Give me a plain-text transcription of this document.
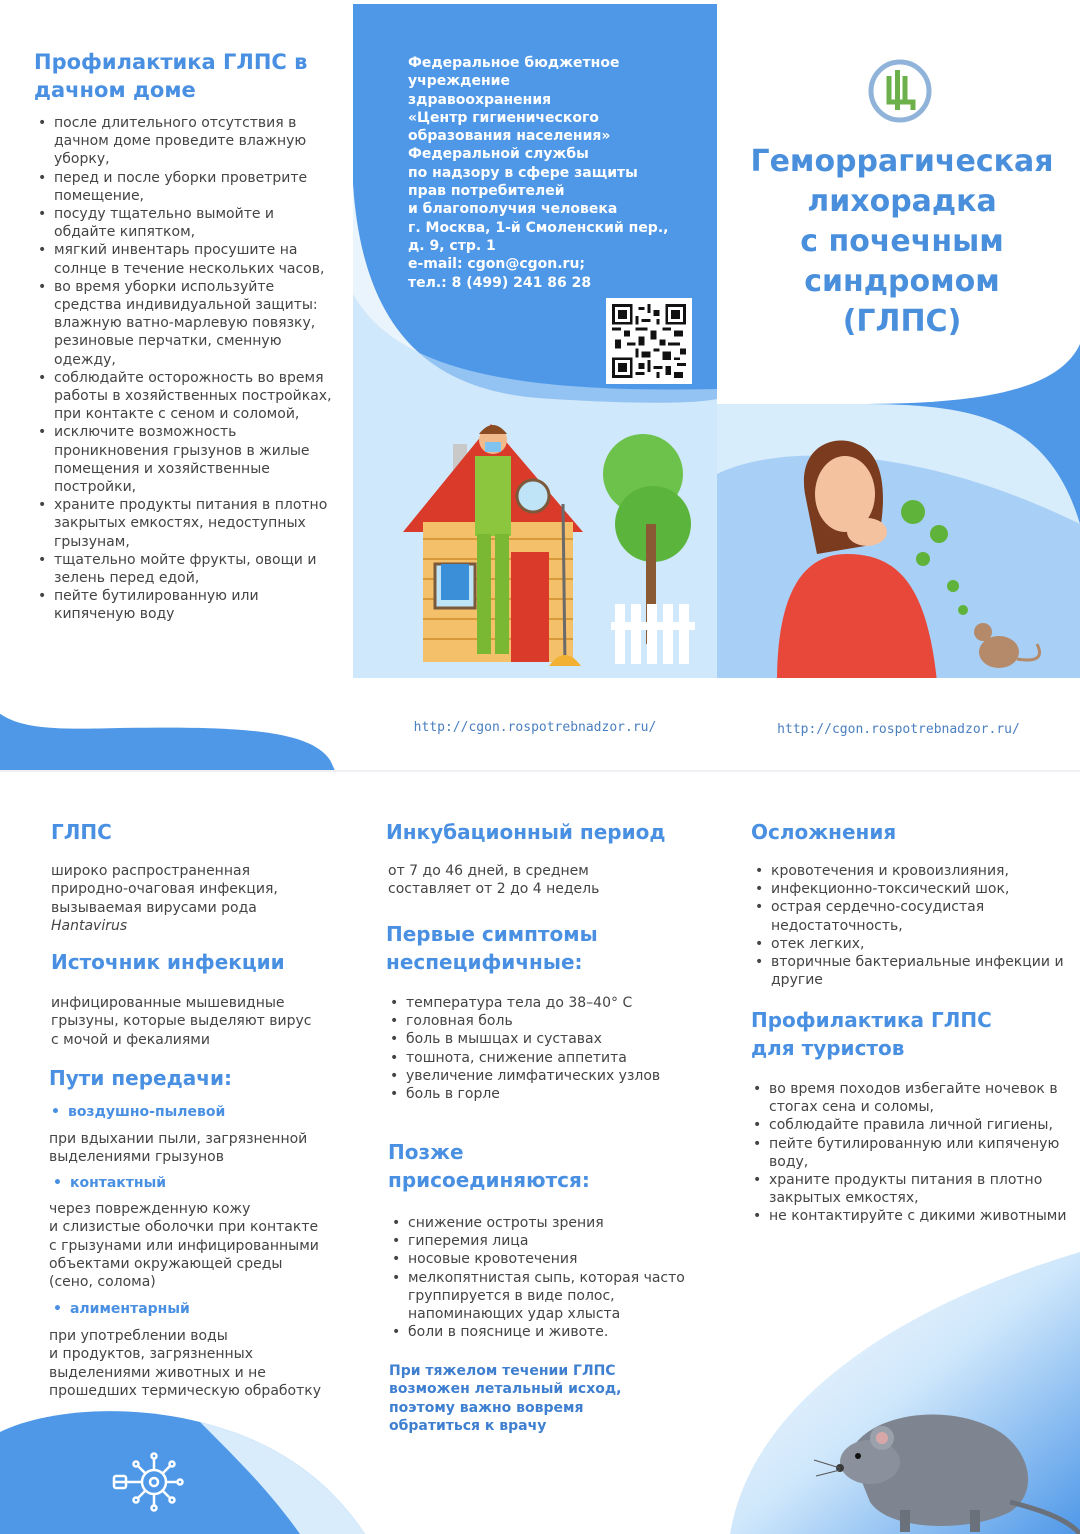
Профилактика ГЛПС в дачном доме
• после длительного отсутствия в дачном доме проведите влажную уборку,
• перед и после уборки проветрите помещение,
• посуду тщательно вымойте и обдайте кипятком,
• мягкий инвентарь просушите на солнце в течение нескольких часов,
• во время уборки используйте средства индивидуальной защиты: влажную ватно-марлевую повязку, резиновые перчатки, сменную одежду,
• соблюдайте осторожность во время работы в хозяйственных постройках, при контакте с сеном и соломой,
• исключите возможность проникновения грызунов в жилые помещения и хозяйственные постройки,
• храните продукты питания в плотно закрытых емкостях, недоступных грызунам,
• тщательно мойте фрукты, овощи и зелень перед едой,
• пейте бутилированную или кипяченую воду
Федеральное бюджетное
учреждение
здравоохранения
«Центр гигиенического
образования населения»
Федеральной службы
по надзору в сфере защиты
прав потребителей
и благополучия человека
г. Москва, 1-й Смоленский пер.,
д. 9, стр. 1
e-mail: cgon@cgon.ru;
тел.: 8 (499) 241 86 28
http://cgon.rospotrebnadzor.ru/
Геморрагическая
лихорадка
с почечным
синдромом
(ГЛПС)
http://cgon.rospotrebnadzor.ru/
ГЛПС
широко распространенная
природно-очаговая инфекция,
вызываемая вирусами рода
Hantavirus
Источник инфекции
инфицированные мышевидные
грызуны, которые выделяют вирус
с мочой и фекалиями
Пути передачи:
• воздушно-пылевой
при вдыхании пыли, загрязненной
выделениями грызунов
• контактный
через поврежденную кожу
и слизистые оболочки при контакте
с грызунами или инфицированными
объектами окружающей среды
(сено, солома)
• алиментарный
при употреблении воды
и продуктов, загрязненных
выделениями животных и не
прошедших термическую обработку
Инкубационный период
от 7 до 46 дней, в среднем
составляет от 2 до 4 недель
Первые симптомы
неспецифичные:
• температура тела до 38–40° С
• головная боль
• боль в мышцах и суставах
• тошнота, снижение аппетита
• увеличение лимфатических узлов
• боль в горле
Позже
присоединяются:
• снижение остроты зрения
• гиперемия лица
• носовые кровотечения
• мелкопятнистая сыпь, которая часто группируется в виде полос, напоминающих удар хлыста
• боли в пояснице и животе.
При тяжелом течении ГЛПС
возможен летальный исход,
поэтому важно вовремя
обратиться к врачу
Осложнения
• кровотечения и кровоизлияния,
• инфекционно-токсический шок,
• острая сердечно-сосудистая недостаточность,
• отек легких,
• вторичные бактериальные инфекции и другие
Профилактика ГЛПС
для туристов
• во время походов избегайте ночевок в стогах сена и соломы,
• соблюдайте правила личной гигиены,
• пейте бутилированную или кипяченую воду,
• храните продукты питания в плотно закрытых емкостях,
• не контактируйте с дикими животными
